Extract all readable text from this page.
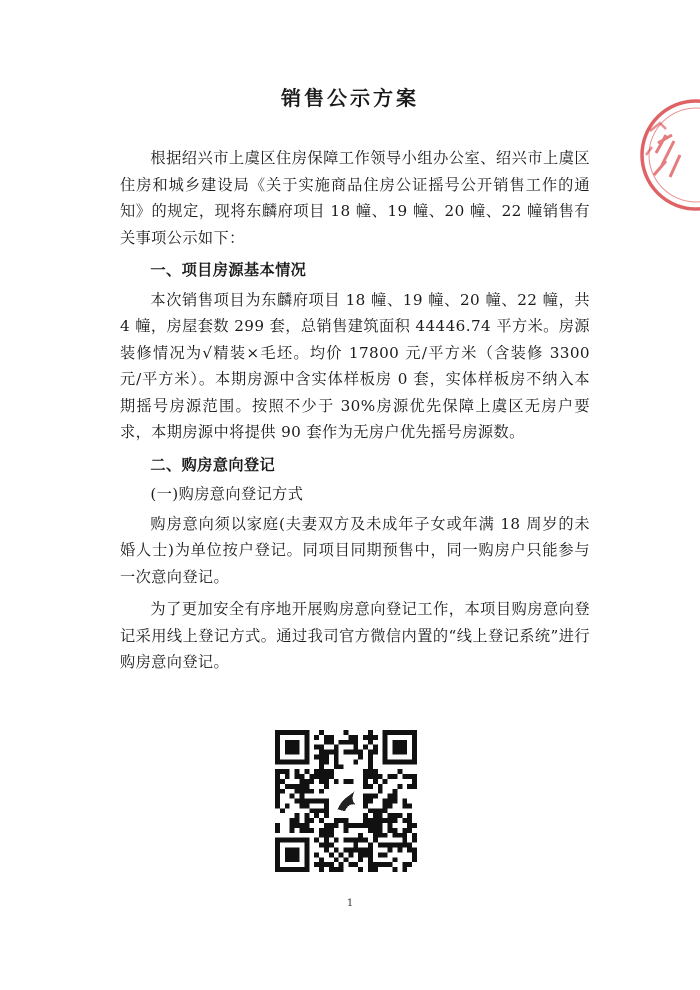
销售公示方案

根据绍兴市上虞区住房保障工作领导小组办公室、绍兴市上虞区住房和城乡建设局《关于实施商品住房公证摇号公开销售工作的通知》的规定，现将东麟府项目 18 幢、19 幢、20 幢、22 幢销售有关事项公示如下：

一、项目房源基本情况

本次销售项目为东麟府项目 18 幢、19 幢、20 幢、22 幢，共 4 幢，房屋套数 299 套，总销售建筑面积 44446.74 平方米。房源装修情况为√精装×毛坯。均价 17800 元/平方米（含装修 3300 元/平方米）。本期房源中含实体样板房 0 套，实体样板房不纳入本期摇号房源范围。按照不少于 30%房源优先保障上虞区无房户要求，本期房源中将提供 90 套作为无房户优先摇号房源数。

二、购房意向登记

(一)购房意向登记方式

购房意向须以家庭(夫妻双方及未成年子女或年满 18 周岁的未婚人士)为单位按户登记。同项目同期预售中，同一购房户只能参与一次意向登记。

为了更加安全有序地开展购房意向登记工作，本项目购房意向登记采用线上登记方式。通过我司官方微信内置的“线上登记系统”进行购房意向登记。

1
